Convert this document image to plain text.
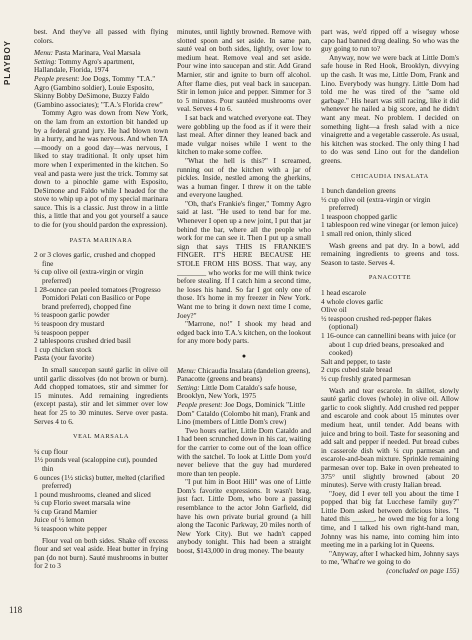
PLAYBOY
118

best. And they've all passed with flying colors.

Menu: Pasta Marinara, Veal Marsala

Setting: Tommy Agro's apartment, Hallandale, Florida, 1974

People present: Joe Dogs, Tommy "T.A." Agro (Gambino soldier), Louie Esposito, Skinny Bobby DeSimone, Buzzy Faldo (Gambino associates); "T.A.'s Florida crew"

Tommy Agro was down from New York, on the lam from an extortion bit handed up by a federal grand jury. He had blown town in a hurry, and he was nervous. And when TA—moody on a good day—was nervous, I liked to stay traditional. It only upset him more when I experimented in the kitchen. So veal and pasta were just the trick. Tommy sat down to a pinochle game with Esposito, DeSimone and Faldo while I headed for the stove to whip up a pot of my special marinara sauce. This is a classic. Just throw in a little this, a little that and you got yourself a sauce to die for (you should pardon the expression).

PASTA MARINARA
2 or 3 cloves garlic, crushed and chopped fine
¼ cup olive oil (extra-virgin or virgin preferred)
1 28-ounce can peeled tomatoes (Progresso Pomidori Pelati con Basilico or Pope brand preferred), chopped fine
½ teaspoon garlic powder
½ teaspoon dry mustard
¼ teaspoon pepper
2 tablespoons crushed dried basil
1 cup chicken stock
Pasta (your favorite)

In small saucepan sauté garlic in olive oil until garlic dissolves (do not brown or burn). Add chopped tomatoes, stir and simmer for 15 minutes. Add remaining ingredients (except pasta), stir and let simmer over low heat for 25 to 30 minutes. Serve over pasta. Serves 4 to 6.

VEAL MARSALA
¼ cup flour
1½ pounds veal (scaloppine cut), pounded thin
6 ounces (1½ sticks) butter, melted (clarified preferred)
1 pound mushrooms, cleaned and sliced
¼ cup Florio sweet marsala wine
¼ cup Grand Marnier
Juice of ½ lemon
¼ teaspoon white pepper

Flour veal on both sides. Shake off excess flour and set veal aside. Heat butter in frying pan (do not burn). Sauté mushrooms in butter for 2 to 3

minutes, until lightly browned. Remove with slotted spoon and set aside. In same pan, sauté veal on both sides, lightly, over low to medium heat. Remove veal and set aside. Pour wine into saucepan and stir. Add Grand Marnier, stir and ignite to burn off alcohol. After flame dies, put veal back in saucepan. Stir in lemon juice and pepper. Simmer for 3 to 5 minutes. Pour sautéed mushrooms over veal. Serves 4 to 6.

I sat back and watched everyone eat. They were gobbling up the food as if it were their last meal. After dinner they leaned back and made vulgar noises while I went to the kitchen to make some coffee.

"What the hell is this?" I screamed, running out of the kitchen with a jar of pickles. Inside, nestled among the gherkins, was a human finger. I threw it on the table and everyone laughed.

"Oh, that's Frankie's finger," Tommy Agro said at last. "He used to tend bar for me. Whenever I open up a new joint, I put that jar behind the bar, where all the people who work for me can see it. Then I put up a small sign that says THIS IS FRANKIE'S FINGER. IT'S HERE BECAUSE HE STOLE FROM HIS BOSS. That way, any ________ who works for me will think twice before stealing. If I catch him a second time, he loses his hand. So far I got only one of those. It's home in my freezer in New York. Want me to bring it down next time I come, Joey?"

"Marrone, no!" I shook my head and edged back into T.A.'s kitchen, on the lookout for any more body parts.

●

Menu: Chicaudia Insalata (dandelion greens), Panacotte (greens and beans)

Setting: Little Dom Cataldo's safe house, Brooklyn, New York, 1975

People present: Joe Dogs, Dominick "Little Dom" Cataldo (Colombo hit man), Frank and Lino (members of Little Dom's crew)

Two hours earlier, Little Dom Cataldo and I had been scrunched down in his car, waiting for the carrier to come out of the loan office with the satchel. To look at Little Dom you'd never believe that the guy had murdered more than ten people.

"I put him in Boot Hill" was one of Little Dom's favorite expressions. It wasn't brag, just fact. Little Dom, who bore a passing resemblance to the actor John Garfield, did have his own private burial ground (a hill along the Taconic Parkway, 20 miles north of New York City). But we hadn't capped anybody tonight. This had been a straight boost, $143,000 in drug money. The beauty

part was, we'd ripped off a wiseguy whose capo had banned drug dealing. So who was the guy going to run to?

Anyway, now we were back at Little Dom's safe house in Red Hook, Brooklyn, divvying up the cash. It was me, Little Dom, Frank and Lino. Everybody was hungry. Little Dom had told me he was tired of the "same old garbage." His heart was still racing, like it did whenever he nailed a big score, and he didn't want any meat. No problem. I decided on something light—a fresh salad with a nice vinaigrette and a vegetable casserole. As usual, his kitchen was stocked. The only thing I had to do was send Lino out for the dandelion greens.

CHICAUDIA INSALATA
1 bunch dandelion greens
½ cup olive oil (extra-virgin or virgin preferred)
1 teaspoon chopped garlic
1 tablespoon red wine vinegar (or lemon juice)
1 small red onion, thinly sliced

Wash greens and pat dry. In a bowl, add remaining ingredients to greens and toss. Season to taste. Serves 4.

PANACOTTE
1 head escarole
4 whole cloves garlic
Olive oil
½ teaspoon crushed red-pepper flakes (optional)
1 16-ounce can cannellini beans with juice (or about 1 cup dried beans, presoaked and cooked)
Salt and pepper, to taste
2 cups cubed stale bread
½ cup freshly grated parmesan

Wash and tear escarole. In skillet, slowly sauté garlic cloves (whole) in olive oil. Allow garlic to cook slightly. Add crushed red pepper and escarole and cook about 15 minutes over medium heat, until tender. Add beans with juice and bring to boil. Taste for seasoning and add salt and pepper if needed. Put bread cubes in casserole dish with ¼ cup parmesan and escarole-and-bean mixture. Sprinkle remaining parmesan over top. Bake in oven preheated to 375° until slightly browned (about 20 minutes). Serve with crusty Italian bread.

"Joey, did I ever tell you about the time I popped that big fat Lucchese family guy?" Little Dom asked between delicious bites. "I hated this ______, he owed me big for a long time, and I talked his own right-hand man, Johnny was his name, into coming him into meeting me in a parking lot in Queens.

"Anyway, after I whacked him, Johnny says to me, 'What're we going to do

(concluded on page 155)
